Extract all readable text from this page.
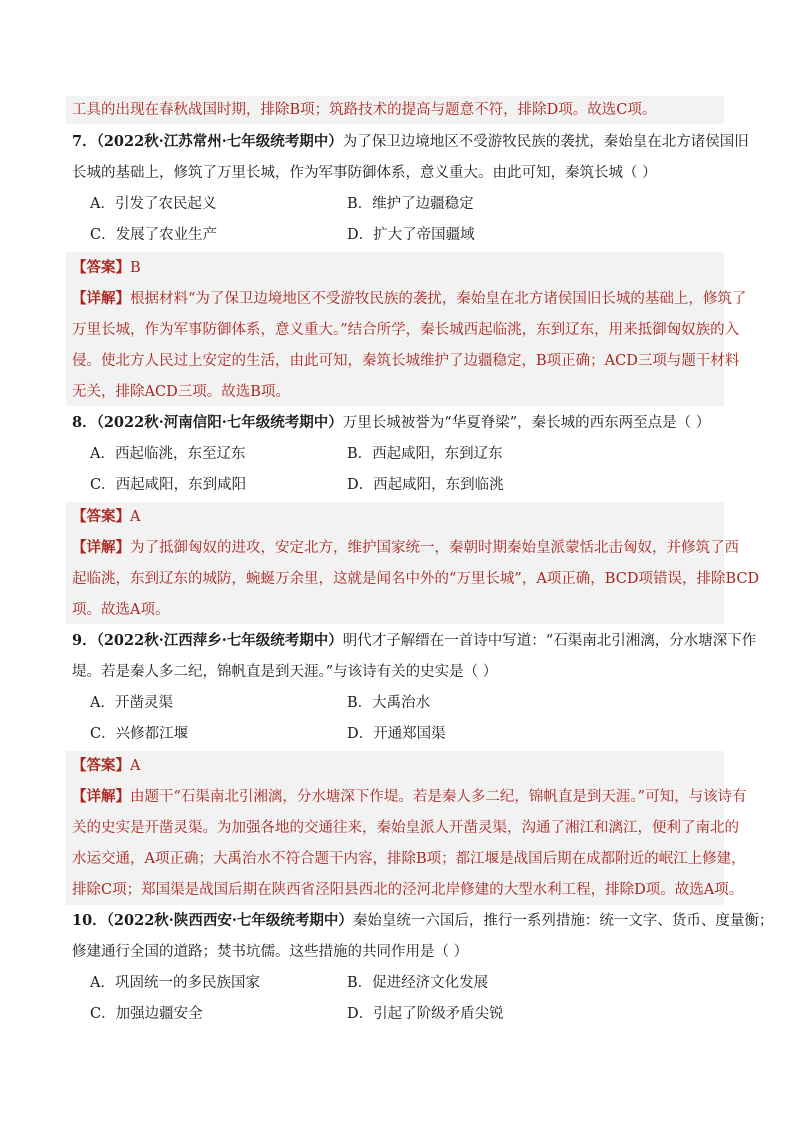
工具的出现在春秋战国时期，排除B项；筑路技术的提高与题意不符，排除D项。故选C项。
7．（2022秋·江苏常州·七年级统考期中）为了保卫边境地区不受游牧民族的袭扰，秦始皇在北方诸侯国旧
长城的基础上，修筑了万里长城，作为军事防御体系，意义重大。由此可知，秦筑长城（ ）
A．引发了农民起义	B．维护了边疆稳定
C．发展了农业生产	D．扩大了帝国疆域
【答案】B
【详解】根据材料“为了保卫边境地区不受游牧民族的袭扰，秦始皇在北方诸侯国旧长城的基础上，修筑了
万里长城，作为军事防御体系，意义重大。”结合所学，秦长城西起临洮，东到辽东，用来抵御匈奴族的入
侵。使北方人民过上安定的生活，由此可知，秦筑长城维护了边疆稳定，B项正确；ACD三项与题干材料
无关，排除ACD三项。故选B项。
8．（2022秋·河南信阳·七年级统考期中）万里长城被誉为“华夏脊梁”，秦长城的西东两至点是（ ）
A．西起临洮，东至辽东	B．西起咸阳，东到辽东
C．西起咸阳，东到咸阳	D．西起咸阳，东到临洮
【答案】A
【详解】为了抵御匈奴的进攻，安定北方，维护国家统一，秦朝时期秦始皇派蒙恬北击匈奴，并修筑了西
起临洮，东到辽东的城防，蜿蜒万余里，这就是闻名中外的“万里长城”，A项正确，BCD项错误，排除BCD
项。故选A项。
9．（2022秋·江西萍乡·七年级统考期中）明代才子解缙在一首诗中写道：“石渠南北引湘漓，分水塘深下作
堤。若是秦人多二纪，锦帆直是到天涯。”与该诗有关的史实是（ ）
A．开凿灵渠	B．大禹治水
C．兴修都江堰	D．开通郑国渠
【答案】A
【详解】由题干“石渠南北引湘漓，分水塘深下作堤。若是秦人多二纪，锦帆直是到天涯。”可知，与该诗有
关的史实是开凿灵渠。为加强各地的交通往来，秦始皇派人开凿灵渠，沟通了湘江和漓江，便利了南北的
水运交通，A项正确；大禹治水不符合题干内容，排除B项；都江堰是战国后期在成都附近的岷江上修建，
排除C项；郑国渠是战国后期在陕西省泾阳县西北的泾河北岸修建的大型水利工程，排除D项。故选A项。
10．（2022秋·陕西西安·七年级统考期中）秦始皇统一六国后，推行一系列措施：统一文字、货币、度量衡；
修建通行全国的道路；焚书坑儒。这些措施的共同作用是（ ）
A．巩固统一的多民族国家	B．促进经济文化发展
C．加强边疆安全	D．引起了阶级矛盾尖锐
